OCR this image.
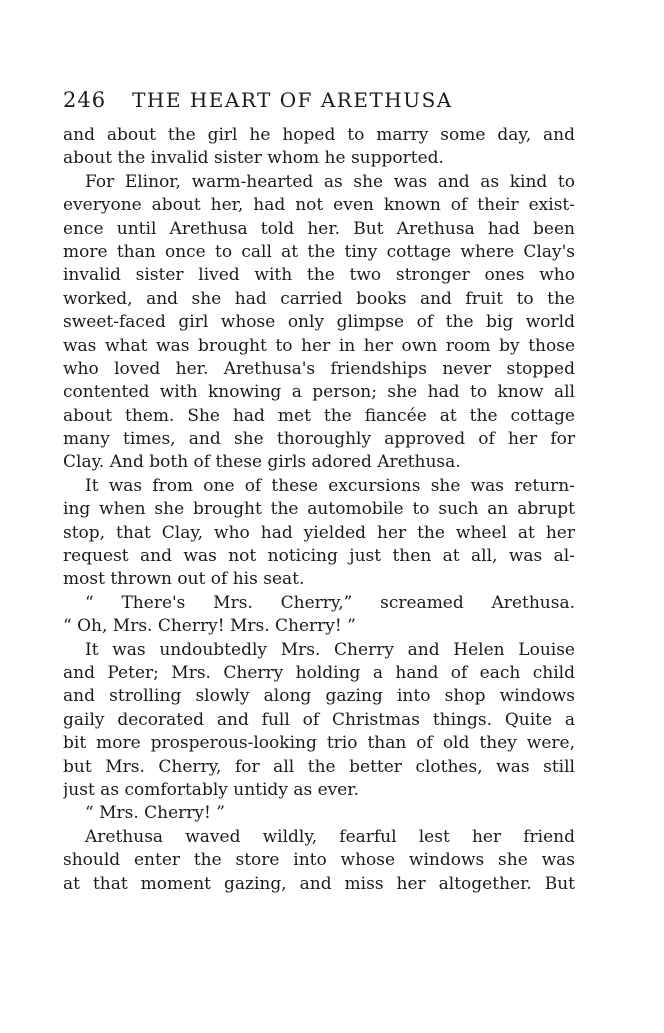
246 THE HEART OF ARETHUSA
and about the girl he hoped to marry some day, and
about the invalid sister whom he supported.
For Elinor, warm-hearted as she was and as kind to
everyone about her, had not even known of their exist-
ence until Arethusa told her. But Arethusa had been
more than once to call at the tiny cottage where Clay's
invalid sister lived with the two stronger ones who
worked, and she had carried books and fruit to the
sweet-faced girl whose only glimpse of the big world
was what was brought to her in her own room by those
who loved her. Arethusa's friendships never stopped
contented with knowing a person; she had to know all
about them. She had met the fiancée at the cottage
many times, and she thoroughly approved of her for
Clay. And both of these girls adored Arethusa.
It was from one of these excursions she was return-
ing when she brought the automobile to such an abrupt
stop, that Clay, who had yielded her the wheel at her
request and was not noticing just then at all, was al-
most thrown out of his seat.
“ There's Mrs. Cherry,” screamed Arethusa.
“ Oh, Mrs. Cherry! Mrs. Cherry! ”
It was undoubtedly Mrs. Cherry and Helen Louise
and Peter; Mrs. Cherry holding a hand of each child
and strolling slowly along gazing into shop windows
gaily decorated and full of Christmas things. Quite a
bit more prosperous-looking trio than of old they were,
but Mrs. Cherry, for all the better clothes, was still
just as comfortably untidy as ever.
“ Mrs. Cherry! ”
Arethusa waved wildly, fearful lest her friend
should enter the store into whose windows she was
at that moment gazing, and miss her altogether. But
